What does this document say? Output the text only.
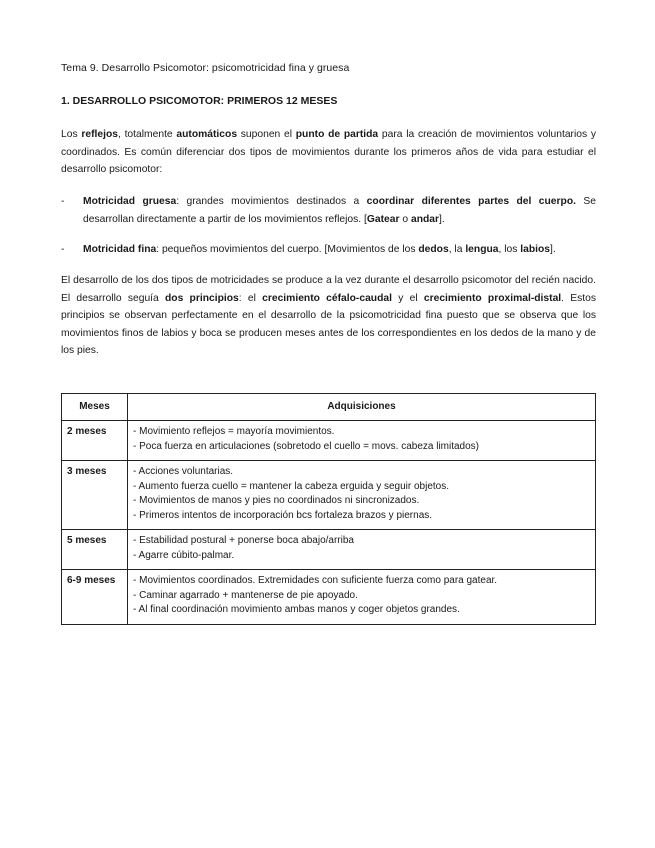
Tema 9. Desarrollo Psicomotor: psicomotricidad fina y gruesa
1. DESARROLLO PSICOMOTOR: PRIMEROS 12 MESES

Los reflejos, totalmente automáticos suponen el punto de partida para la creación de movimientos voluntarios y coordinados. Es común diferenciar dos tipos de movimientos durante los primeros años de vida para estudiar el desarrollo psicomotor:

- Motricidad gruesa: grandes movimientos destinados a coordinar diferentes partes del cuerpo. Se desarrollan directamente a partir de los movimientos reflejos. [Gatear o andar].

- Motricidad fina: pequeños movimientos del cuerpo. [Movimientos de los dedos, la lengua, los labios].

El desarrollo de los dos tipos de motricidades se produce a la vez durante el desarrollo psicomotor del recién nacido. El desarrollo seguía dos principios: el crecimiento céfalo-caudal y el crecimiento proximal-distal. Estos principios se observan perfectamente en el desarrollo de la psicomotricidad fina puesto que se observa que los movimientos finos de labios y boca se producen meses antes de los correspondientes en los dedos de la mano y de los pies.

Meses	Adquisiciones
2 meses	- Movimiento reflejos = mayoría movimientos.
- Poca fuerza en articulaciones (sobretodo el cuello = movs. cabeza limitados)

3 meses	- Acciones voluntarias.
- Aumento fuerza cuello = mantener la cabeza erguida y seguir objetos.
- Movimientos de manos y pies no coordinados ni sincronizados.
- Primeros intentos de incorporación bcs fortaleza brazos y piernas.

5 meses	- Estabilidad postural + ponerse boca abajo/arriba
- Agarre cúbito-palmar.

6-9 meses	- Movimientos coordinados. Extremidades con suficiente fuerza como para gatear.
- Caminar agarrado + mantenerse de pie apoyado.
- Al final coordinación movimiento ambas manos y coger objetos grandes.
